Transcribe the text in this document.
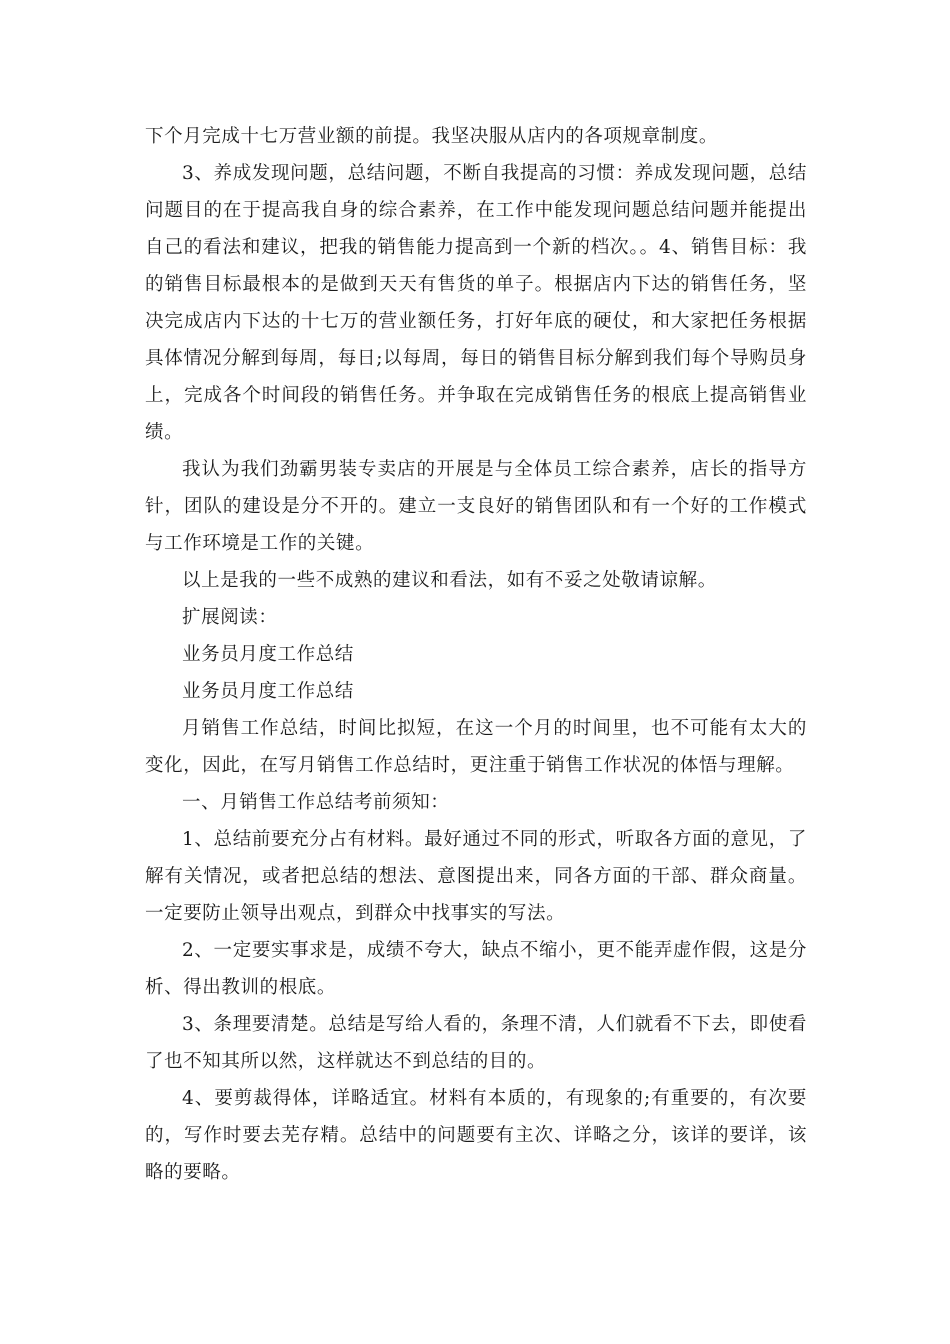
下个月完成十七万营业额的前提。我坚决服从店内的各项规章制度。

3、养成发现问题，总结问题，不断自我提高的习惯：养成发现问题，总结问题目的在于提高我自身的综合素养，在工作中能发现问题总结问题并能提出自己的看法和建议，把我的销售能力提高到一个新的档次。。4、销售目标：我的销售目标最根本的是做到天天有售货的单子。根据店内下达的销售任务，坚决完成店内下达的十七万的营业额任务，打好年底的硬仗，和大家把任务根据具体情况分解到每周，每日;以每周，每日的销售目标分解到我们每个导购员身上，完成各个时间段的销售任务。并争取在完成销售任务的根底上提高销售业绩。

我认为我们劲霸男装专卖店的开展是与全体员工综合素养，店长的指导方针，团队的建设是分不开的。建立一支良好的销售团队和有一个好的工作模式与工作环境是工作的关键。

以上是我的一些不成熟的建议和看法，如有不妥之处敬请谅解。

扩展阅读：

业务员月度工作总结

业务员月度工作总结

月销售工作总结，时间比拟短，在这一个月的时间里，也不可能有太大的变化，因此，在写月销售工作总结时，更注重于销售工作状况的体悟与理解。

一、月销售工作总结考前须知：

1、总结前要充分占有材料。最好通过不同的形式，听取各方面的意见，了解有关情况，或者把总结的想法、意图提出来，同各方面的干部、群众商量。一定要防止领导出观点，到群众中找事实的写法。

2、一定要实事求是，成绩不夸大，缺点不缩小，更不能弄虚作假，这是分析、得出教训的根底。

3、条理要清楚。总结是写给人看的，条理不清，人们就看不下去，即使看了也不知其所以然，这样就达不到总结的目的。

4、要剪裁得体，详略适宜。材料有本质的，有现象的;有重要的，有次要的，写作时要去芜存精。总结中的问题要有主次、详略之分，该详的要详，该略的要略。
